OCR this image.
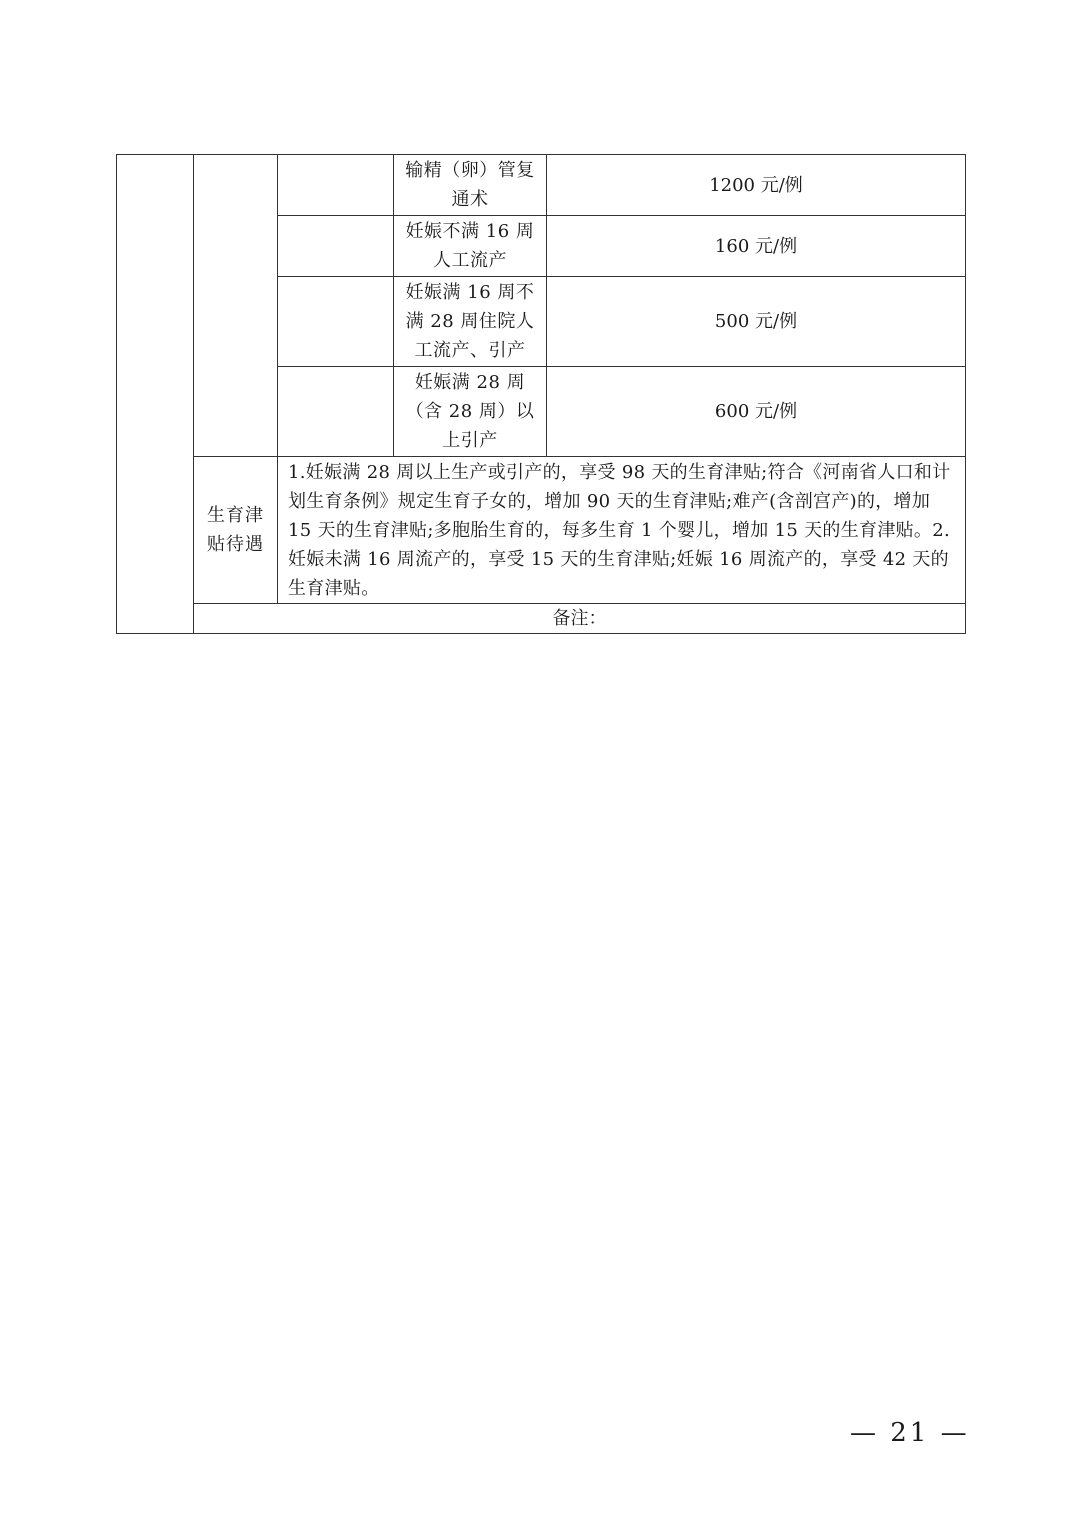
			输精（卵）管复通术	1200 元/例
			妊娠不满 16 周人工流产	160 元/例
			妊娠满 16 周不满 28 周住院人工流产、引产	500 元/例
			妊娠满 28 周（含 28 周）以上引产	600 元/例
	生育津贴待遇	1.妊娠满 28 周以上生产或引产的，享受 98 天的生育津贴;符合《河南省人口和计划生育条例》规定生育子女的，增加 90 天的生育津贴;难产(含剖宫产)的，增加 15 天的生育津贴;多胞胎生育的，每多生育 1 个婴儿，增加 15 天的生育津贴。2.妊娠未满 16 周流产的，享受 15 天的生育津贴;妊娠 16 周流产的，享受 42 天的生育津贴。		
	备注：			
— 21 —
